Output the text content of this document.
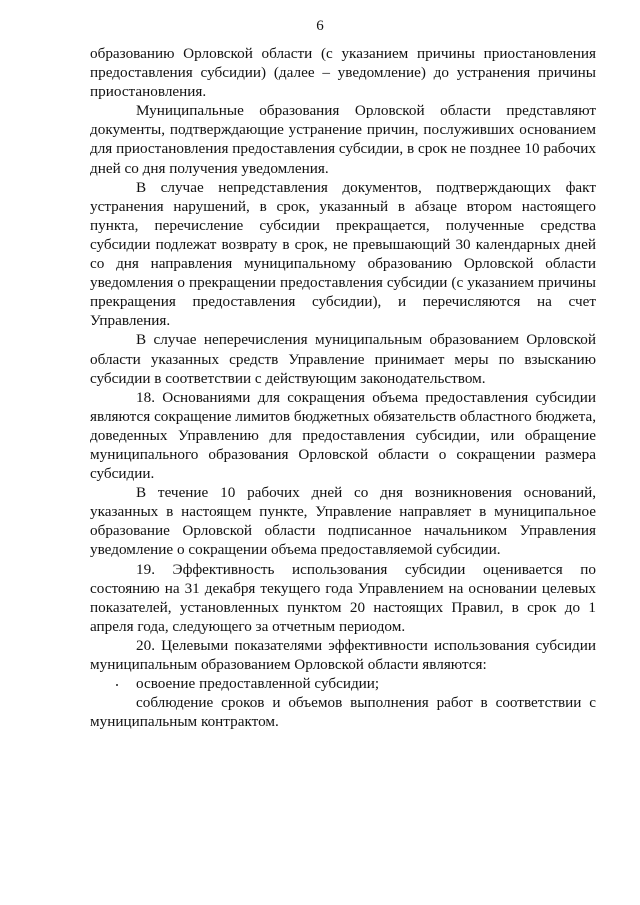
6

образованию Орловской области (с указанием причины приостановления предоставления субсидии) (далее – уведомление) до устранения причины приостановления.

Муниципальные образования Орловской области представляют документы, подтверждающие устранение причин, послуживших основанием для приостановления предоставления субсидии, в срок не позднее 10 рабочих дней со дня получения уведомления.

В случае непредставления документов, подтверждающих факт устранения нарушений, в срок, указанный в абзаце втором настоящего пункта, перечисление субсидии прекращается, полученные средства субсидии подлежат возврату в срок, не превышающий 30 календарных дней со дня направления муниципальному образованию Орловской области уведомления о прекращении предоставления субсидии (с указанием причины прекращения предоставления субсидии), и перечисляются на счет Управления.

В случае неперечисления муниципальным образованием Орловской области указанных средств Управление принимает меры по взысканию субсидии в соответствии с действующим законодательством.

18. Основаниями для сокращения объема предоставления субсидии являются сокращение лимитов бюджетных обязательств областного бюджета, доведенных Управлению для предоставления субсидии, или обращение муниципального образования Орловской области о сокращении размера субсидии.

В течение 10 рабочих дней со дня возникновения оснований, указанных в настоящем пункте, Управление направляет в муниципальное образование Орловской области подписанное начальником Управления уведомление о сокращении объема предоставляемой субсидии.

19. Эффективность использования субсидии оценивается по состоянию на 31 декабря текущего года Управлением на основании целевых показателей, установленных пунктом 20 настоящих Правил, в срок до 1 апреля года, следующего за отчетным периодом.

20. Целевыми показателями эффективности использования субсидии муниципальным образованием Орловской области являются:

освоение предоставленной субсидии;

соблюдение сроков и объемов выполнения работ в соответствии с муниципальным контрактом.
